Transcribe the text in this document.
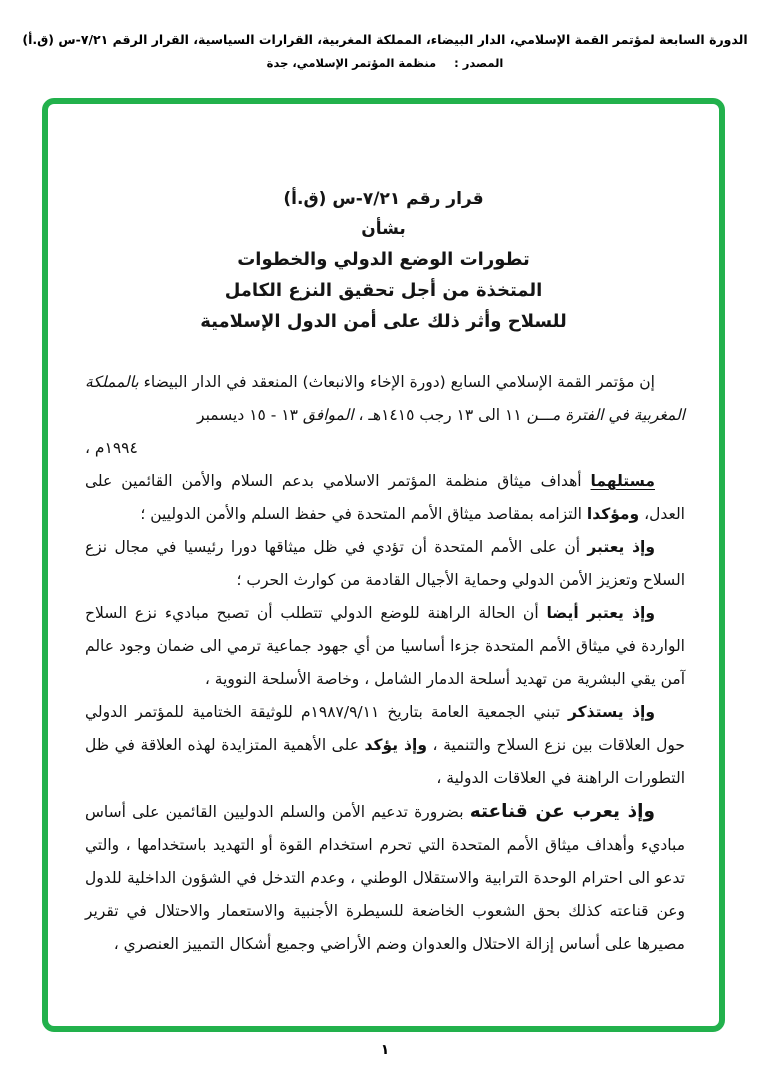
الدورة السابعة لمؤتمر القمة الإسلامي، الدار البيضاء، المملكة المغربية، القرارات السياسية، القرار الرقم ٧/٢١-س (ق.أ)
المصدر : منظمة المؤتمر الإسلامي، جدة
قرار رقم ٧/٢١-س (ق.أ)
بشأن
تطورات الوضع الدولي والخطوات
المتخذة من أجل تحقيق النزع الكامل
للسلاح وأثر ذلك على أمن الدول الإسلامية

إن مؤتمر القمة الإسلامي السابع (دورة الإخاء والانبعاث) المنعقد في الدار البيضاء بالمملكة المغربية في الفترة مـــن ١١ الى ١٣ رجب ١٤١٥هـ ، الموافق ١٣ - ١٥ ديسمبر

١٩٩٤م ،

مستلهما أهداف ميثاق منظمة المؤتمر الاسلامي بدعم السلام والأمن القائمين على العدل، ومؤكدا التزامه بمقاصد ميثاق الأمم المتحدة في حفظ السلم والأمن الدوليين ؛

وإذ يعتبر أن على الأمم المتحدة أن تؤدي في ظل ميثاقها دورا رئيسيا في مجال نزع السلاح وتعزيز الأمن الدولي وحماية الأجيال القادمة من كوارث الحرب ؛

وإذ يعتبر أيضا أن الحالة الراهنة للوضع الدولي تتطلب أن تصبح مباديء نزع السلاح الواردة في ميثاق الأمم المتحدة جزءا أساسيا من أي جهود جماعية ترمي الى ضمان وجود عالم آمن يقي البشرية من تهديد أسلحة الدمار الشامل ، وخاصة الأسلحة النووية ،

وإذ يستذكر تبني الجمعية العامة بتاريخ ١٩٨٧/٩/١١م للوثيقة الختامية للمؤتمر الدولي حول العلاقات بين نزع السلاح والتنمية ، وإذ يؤكد على الأهمية المتزايدة لهذه العلاقة في ظل التطورات الراهنة في العلاقات الدولية ،

وإذ يعرب عن قناعته بضرورة تدعيم الأمن والسلم الدوليين القائمين على أساس مباديء وأهداف ميثاق الأمم المتحدة التي تحرم استخدام القوة أو التهديد باستخدامها ، والتي تدعو الى احترام الوحدة الترابية والاستقلال الوطني ، وعدم التدخل في الشؤون الداخلية للدول وعن قناعته كذلك بحق الشعوب الخاضعة للسيطرة الأجنبية والاستعمار والاحتلال في تقرير مصيرها على أساس إزالة الاحتلال والعدوان وضم الأراضي وجميع أشكال التمييز العنصري ،

١
